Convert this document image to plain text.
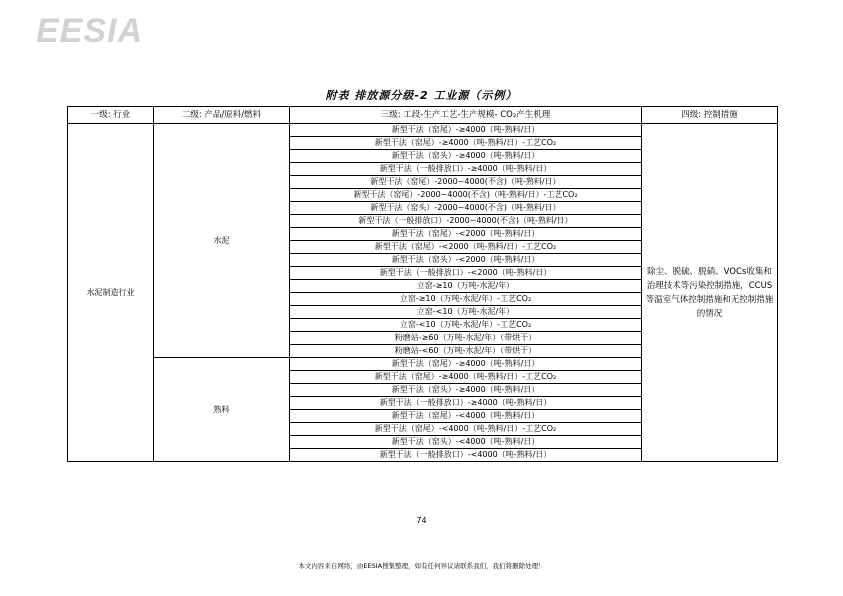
EESIA
附表 排放源分级-2 工业源（示例）
一级: 行业	二级: 产品/原料/燃料	三级: 工段-生产工艺-生产规模- CO₂产生机理	四级: 控制措施
水泥制造行业	水泥	新型干法（窑尾）-≥4000（吨-熟料/日）	除尘、脱硫、脱硝、VOCs收集和治理技术等污染控制措施，CCUS等温室气体控制措施和无控制措施的情况
		新型干法（窑尾）-≥4000（吨-熟料/日）-工艺CO₂	
		新型干法（窑头）-≥4000（吨-熟料/日）	
		新型干法（一般排放口）-≥4000（吨-熟料/日）	
		新型干法（窑尾）-2000~4000(不含)（吨-熟料/日）	
		新型干法（窑尾）-2000~4000(不含)（吨-熟料/日）-工艺CO₂	
		新型干法（窑头）-2000~4000(不含)（吨-熟料/日）	
		新型干法（一般排放口）-2000~4000(不含)（吨-熟料/日）	
		新型干法（窑尾）-<2000（吨-熟料/日）	
		新型干法（窑尾）-<2000（吨-熟料/日）-工艺CO₂	
		新型干法（窑头）-<2000（吨-熟料/日）	
		新型干法（一般排放口）-<2000（吨-熟料/日）	
		立窑-≥10（万吨-水泥/年）	
		立窑-≥10（万吨-水泥/年）-工艺CO₂	
		立窑-<10（万吨-水泥/年）	
		立窑-<10（万吨-水泥/年）-工艺CO₂	
		粉磨站-≥60（万吨-水泥/年）（带烘干）	
		粉磨站-<60（万吨-水泥/年）（带烘干）	
	熟料	新型干法（窑尾）-≥4000（吨-熟料/日）	
		新型干法（窑尾）-≥4000（吨-熟料/日）-工艺CO₂	
		新型干法（窑头）-≥4000（吨-熟料/日）	
		新型干法（一般排放口）-≥4000（吨-熟料/日）	
		新型干法（窑尾）-<4000（吨-熟料/日）	
		新型干法（窑尾）-<4000（吨-熟料/日）-工艺CO₂	
		新型干法（窑头）-<4000（吨-熟料/日）	
		新型干法（一般排放口）-<4000（吨-熟料/日）	
74
本文内容来自网络，由EESIA搜集整理，如有任何异议请联系我们，我们将删除处理！
